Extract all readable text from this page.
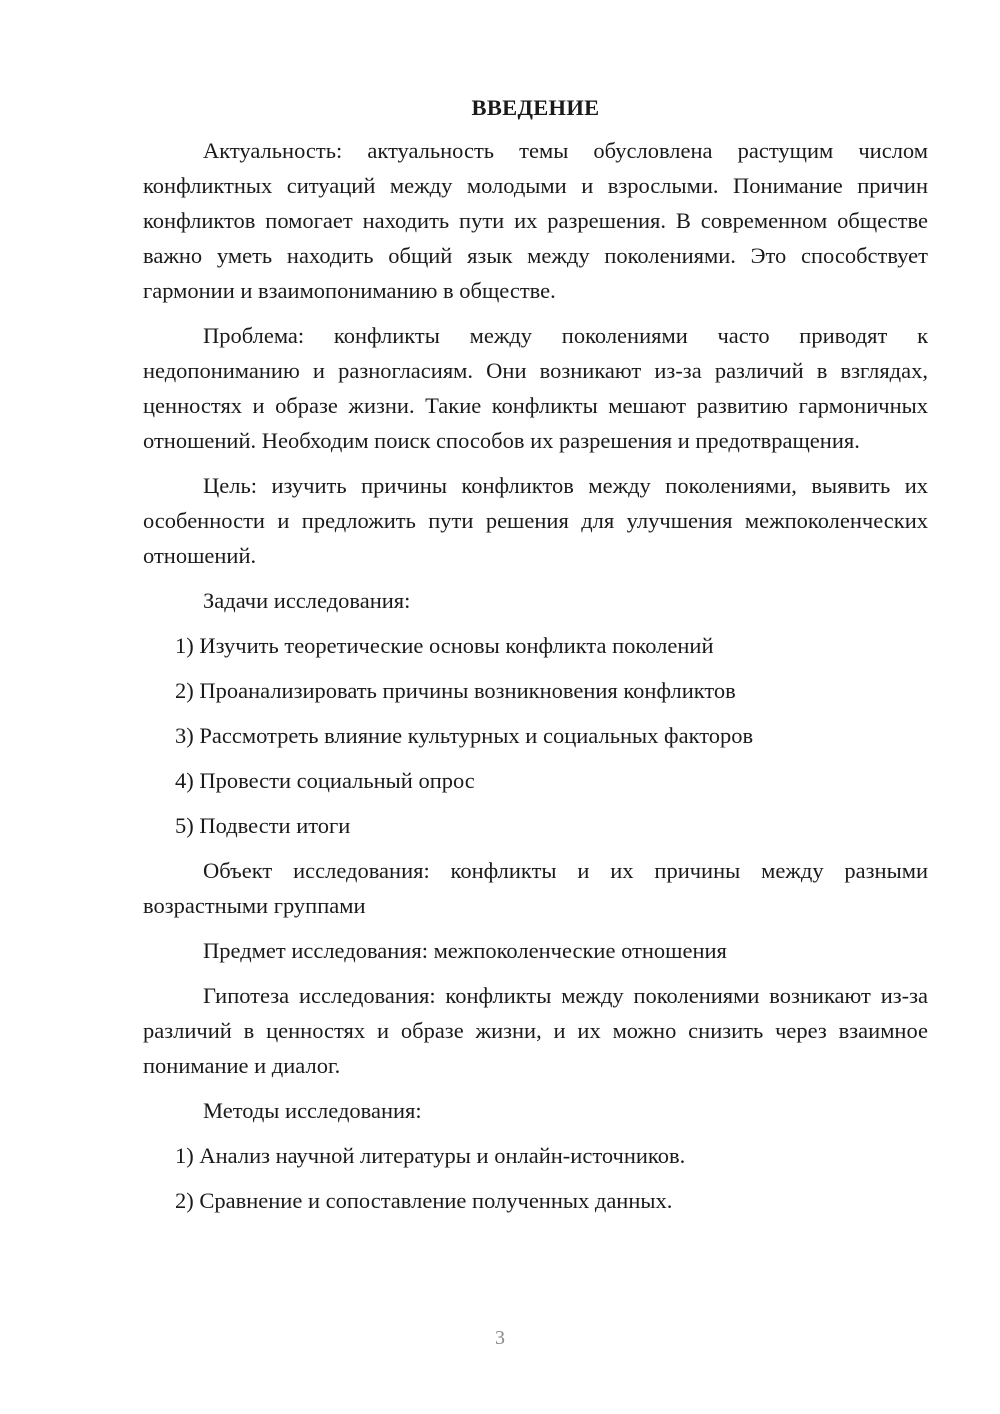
ВВЕДЕНИЕ

Актуальность: актуальность темы обусловлена растущим числом конфликтных ситуаций между молодыми и взрослыми. Понимание причин конфликтов помогает находить пути их разрешения. В современном обществе важно уметь находить общий язык между поколениями. Это способствует гармонии и взаимопониманию в обществе.

Проблема: конфликты между поколениями часто приводят к недопониманию и разногласиям. Они возникают из-за различий в взглядах, ценностях и образе жизни. Такие конфликты мешают развитию гармоничных отношений. Необходим поиск способов их разрешения и предотвращения.

Цель: изучить причины конфликтов между поколениями, выявить их особенности и предложить пути решения для улучшения межпоколенческих отношений.

Задачи исследования:

1) Изучить теоретические основы конфликта поколений
2) Проанализировать причины возникновения конфликтов
3) Рассмотреть влияние культурных и социальных факторов
4) Провести социальный опрос
5) Подвести итоги

Объект исследования: конфликты и их причины между разными возрастными группами

Предмет исследования: межпоколенческие отношения

Гипотеза исследования: конфликты между поколениями возникают из-за различий в ценностях и образе жизни, и их можно снизить через взаимное понимание и диалог.

Методы исследования:

1) Анализ научной литературы и онлайн-источников.
2) Сравнение и сопоставление полученных данных.
3
